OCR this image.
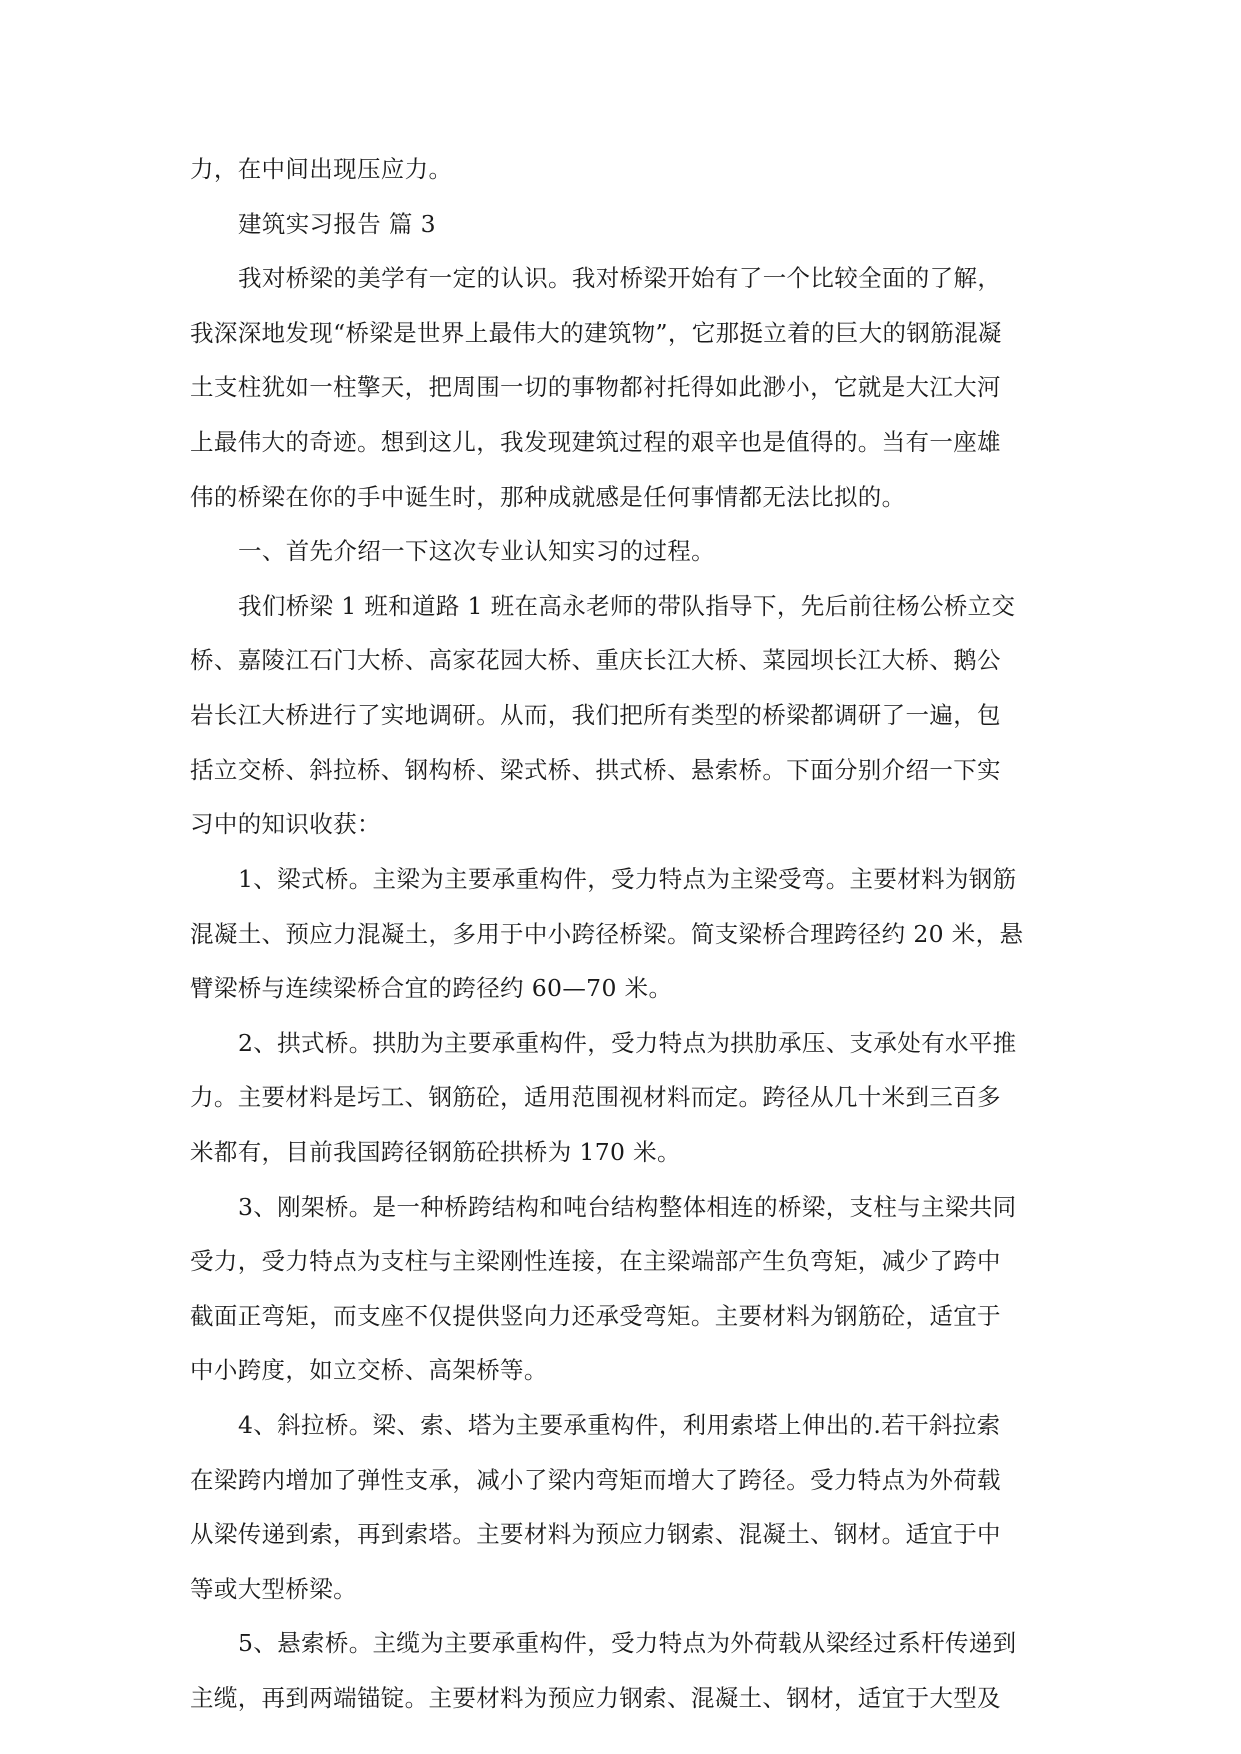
力，在中间出现压应力。
建筑实习报告 篇 3
我对桥梁的美学有一定的认识。我对桥梁开始有了一个比较全面的了解，
我深深地发现“桥梁是世界上最伟大的建筑物”，它那挺立着的巨大的钢筋混凝
土支柱犹如一柱擎天，把周围一切的事物都衬托得如此渺小，它就是大江大河
上最伟大的奇迹。想到这儿，我发现建筑过程的艰辛也是值得的。当有一座雄
伟的桥梁在你的手中诞生时，那种成就感是任何事情都无法比拟的。
一、首先介绍一下这次专业认知实习的过程。
我们桥梁 1 班和道路 1 班在高永老师的带队指导下，先后前往杨公桥立交
桥、嘉陵江石门大桥、高家花园大桥、重庆长江大桥、菜园坝长江大桥、鹅公
岩长江大桥进行了实地调研。从而，我们把所有类型的桥梁都调研了一遍，包
括立交桥、斜拉桥、钢构桥、梁式桥、拱式桥、悬索桥。下面分别介绍一下实
习中的知识收获：
1、梁式桥。主梁为主要承重构件，受力特点为主梁受弯。主要材料为钢筋
混凝土、预应力混凝土，多用于中小跨径桥梁。简支梁桥合理跨径约 20 米，悬
臂梁桥与连续梁桥合宜的跨径约 60—70 米。
2、拱式桥。拱肋为主要承重构件，受力特点为拱肋承压、支承处有水平推
力。主要材料是圬工、钢筋砼，适用范围视材料而定。跨径从几十米到三百多
米都有，目前我国跨径钢筋砼拱桥为 170 米。
3、刚架桥。是一种桥跨结构和吨台结构整体相连的桥梁，支柱与主梁共同
受力，受力特点为支柱与主梁刚性连接，在主梁端部产生负弯矩，减少了跨中
截面正弯矩，而支座不仅提供竖向力还承受弯矩。主要材料为钢筋砼，适宜于
中小跨度，如立交桥、高架桥等。
4、斜拉桥。梁、索、塔为主要承重构件，利用索塔上伸出的.若干斜拉索
在梁跨内增加了弹性支承，减小了梁内弯矩而增大了跨径。受力特点为外荷载
从梁传递到索，再到索塔。主要材料为预应力钢索、混凝土、钢材。适宜于中
等或大型桥梁。
5、悬索桥。主缆为主要承重构件，受力特点为外荷载从梁经过系杆传递到
主缆，再到两端锚锭。主要材料为预应力钢索、混凝土、钢材，适宜于大型及
